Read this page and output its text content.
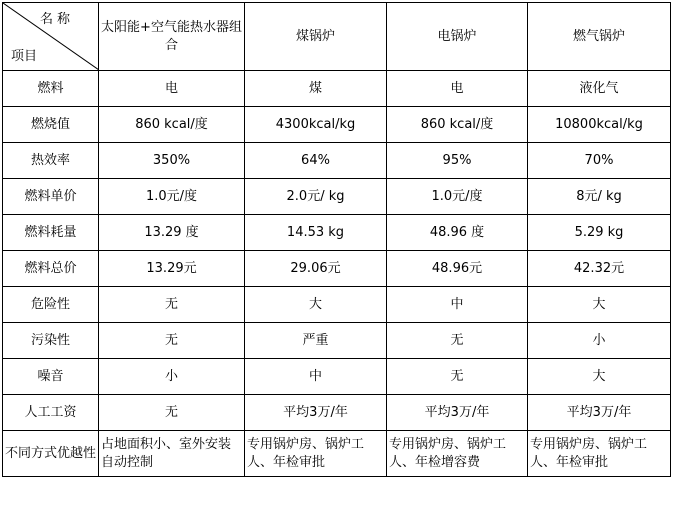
名称
项目	太阳能+空气能热水器组合	煤锅炉	电锅炉	燃气锅炉
燃料	电	煤	电	液化气
燃烧值	860 kcal/度	4300kcal/kg	860 kcal/度	10800kcal/kg
热效率	350%	64%	95%	70%
燃料单价	1.0元/度	2.0元/ kg	1.0元/度	8元/ kg
燃料耗量	13.29 度	14.53 kg	48.96 度	5.29 kg
燃料总价	13.29元	29.06元	48.96元	42.32元
危险性	无	大	中	大
污染性	无	严重	无	小
噪音	小	中	无	大
人工工资	无	平均3万/年	平均3万/年	平均3万/年
不同方式优越性	占地面积小、室外安装自动控制	专用锅炉房、锅炉工人、年检审批	专用锅炉房、锅炉工人、年检增容费	专用锅炉房、锅炉工人、年检审批
